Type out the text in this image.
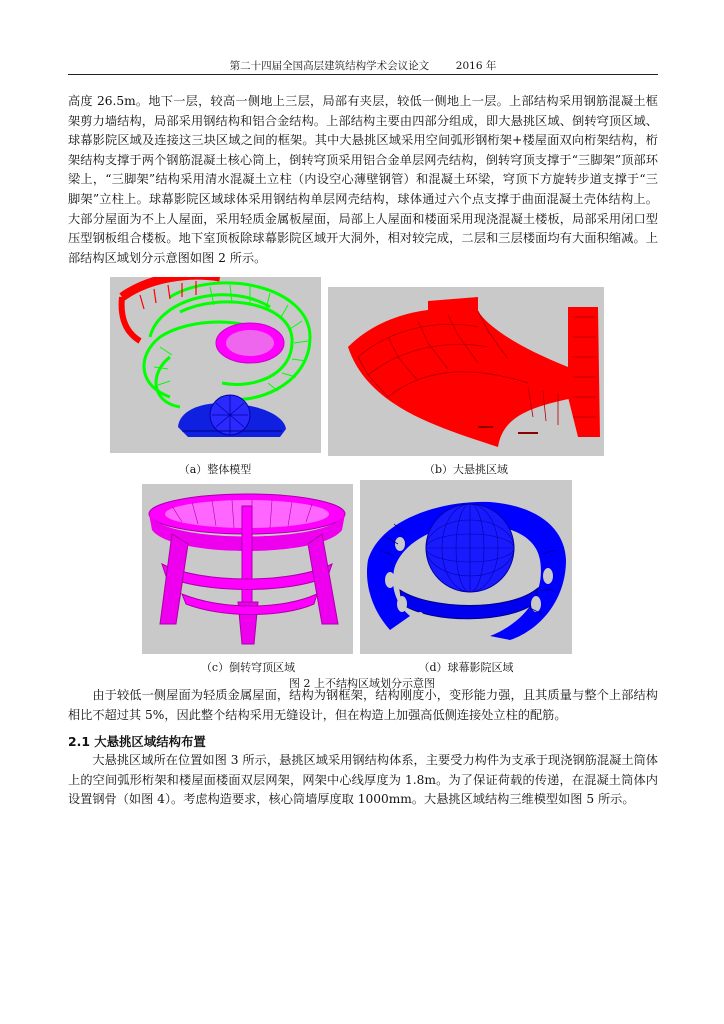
第二十四届全国高层建筑结构学术会议论文        2016 年
高度 26.5m。地下一层，较高一侧地上三层，局部有夹层，较低一侧地上一层。上部结构采用钢筋混凝土框架剪力墙结构，局部采用钢结构和铝合金结构。上部结构主要由四部分组成，即大悬挑区域、倒转穹顶区域、球幕影院区域及连接这三块区域之间的框架。其中大悬挑区域采用空间弧形钢桁架+楼屋面双向桁架结构，桁架结构支撑于两个钢筋混凝土核心筒上，倒转穹顶采用铝合金单层网壳结构，倒转穹顶支撑于“三脚架”顶部环梁上，“三脚架”结构采用清水混凝土立柱（内设空心薄壁钢管）和混凝土环梁，穹顶下方旋转步道支撑于“三脚架”立柱上。球幕影院区域球体采用钢结构单层网壳结构，球体通过六个点支撑于曲面混凝土壳体结构上。大部分屋面为不上人屋面，采用轻质金属板屋面，局部上人屋面和楼面采用现浇混凝土楼板，局部采用闭口型压型钢板组合楼板。地下室顶板除球幕影院区域开大洞外，相对较完成，二层和三层楼面均有大面积缩减。上部结构区域划分示意图如图 2 所示。
（a）整体模型	（b）大悬挑区域
（c）倒转穹顶区域	（d）球幕影院区域
图 2 上不结构区域划分示意图
由于较低一侧屋面为轻质金属屋面，结构为钢框架，结构刚度小，变形能力强，且其质量与整个上部结构相比不超过其 5%，因此整个结构采用无缝设计，但在构造上加强高低侧连接处立柱的配筋。
2.1 大悬挑区域结构布置
大悬挑区域所在位置如图 3 所示，悬挑区域采用钢结构体系，主要受力构件为支承于现浇钢筋混凝土筒体上的空间弧形桁架和楼屋面楼面双层网架，网架中心线厚度为 1.8m。为了保证荷载的传递，在混凝土筒体内设置钢骨（如图 4）。考虑构造要求，核心筒墙厚度取 1000mm。大悬挑区域结构三维模型如图 5 所示。
